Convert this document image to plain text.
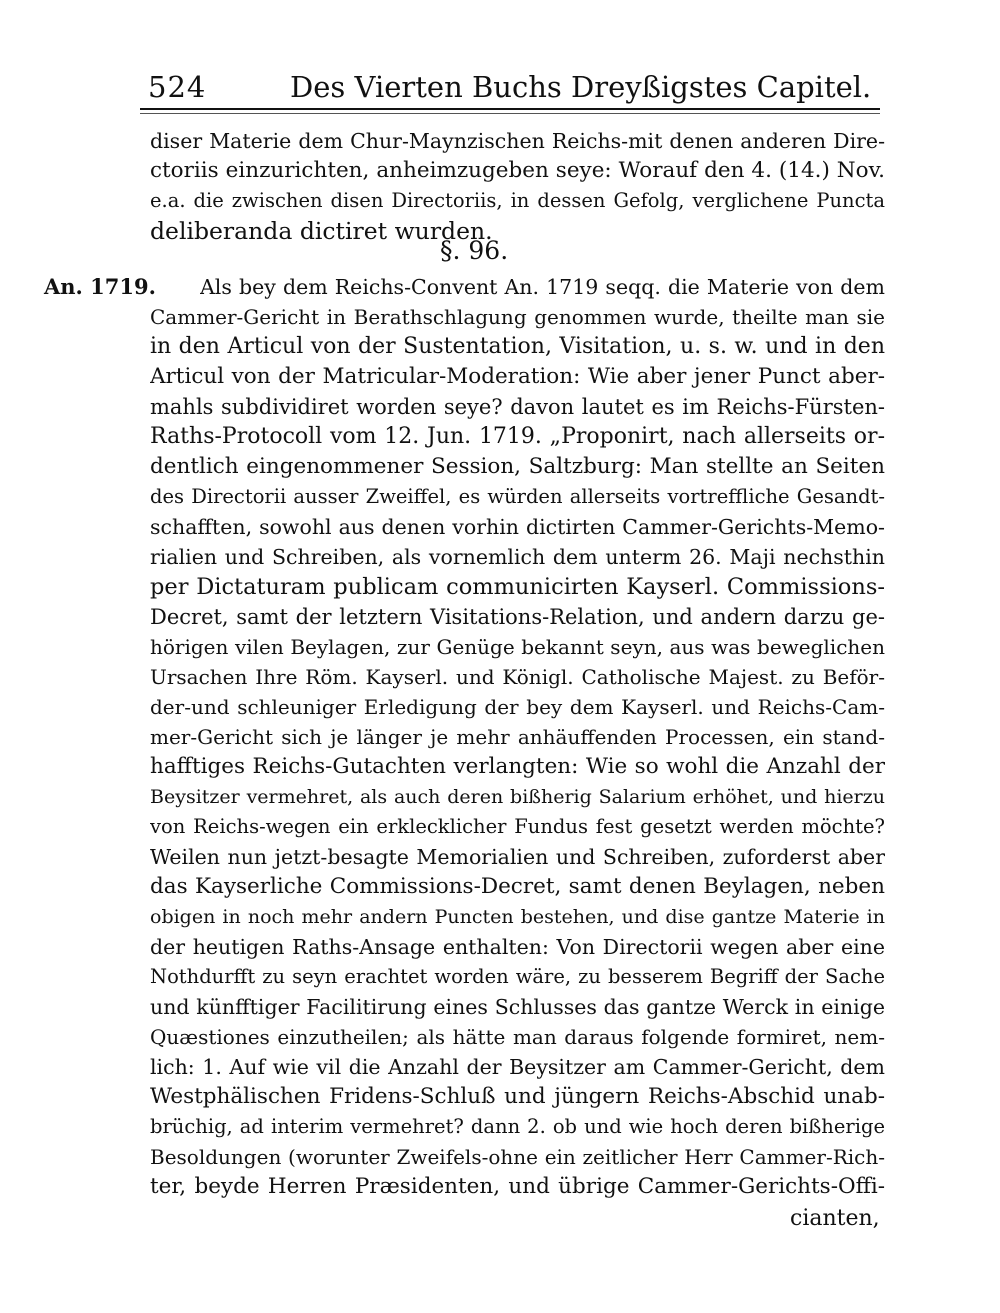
524	Des Vierten Buchs Dreyßigstes Capitel.
diser Materie dem Chur-Maynzischen Reichs-mit denen anderen Dire-
ctoriis einzurichten, anheimzugeben seye: Worauf den 4. (14.) Nov.
e.a. die zwischen disen Directoriis, in dessen Gefolg, verglichene Puncta
deliberanda dictiret wurden.
§. 96.
An. 1719. Als bey dem Reichs-Convent An. 1719 seqq. die Materie von dem
Cammer-Gericht in Berathschlagung genommen wurde, theilte man sie
in den Articul von der Sustentation, Visitation, u. s. w. und in den
Articul von der Matricular-Moderation: Wie aber jener Punct aber-
mahls subdividiret worden seye? davon lautet es im Reichs-Fürsten-
Raths-Protocoll vom 12. Jun. 1719. „Proponirt, nach allerseits or-
dentlich eingenommener Session, Saltzburg: Man stellte an Seiten
des Directorii ausser Zweiffel, es würden allerseits vortreffliche Gesandt-
schafften, sowohl aus denen vorhin dictirten Cammer-Gerichts-Memo-
rialien und Schreiben, als vornemlich dem unterm 26. Maji nechsthin
per Dictaturam publicam communicirten Kayserl. Commissions-
Decret, samt der letztern Visitations-Relation, und andern darzu ge-
hörigen vilen Beylagen, zur Genüge bekannt seyn, aus was beweglichen
Ursachen Ihre Röm. Kayserl. und Königl. Catholische Majest. zu Beför-
der-und schleuniger Erledigung der bey dem Kayserl. und Reichs-Cam-
mer-Gericht sich je länger je mehr anhäuffenden Processen, ein stand-
hafftiges Reichs-Gutachten verlangten: Wie so wohl die Anzahl der
Beysitzer vermehret, als auch deren bißherig Salarium erhöhet, und hierzu
von Reichs-wegen ein erklecklicher Fundus fest gesetzt werden möchte?
Weilen nun jetzt-besagte Memorialien und Schreiben, zuforderst aber
das Kayserliche Commissions-Decret, samt denen Beylagen, neben
obigen in noch mehr andern Puncten bestehen, und dise gantze Materie in
der heutigen Raths-Ansage enthalten: Von Directorii wegen aber eine
Nothdurfft zu seyn erachtet worden wäre, zu besserem Begriff der Sache
und künfftiger Facilitirung eines Schlusses das gantze Werck in einige
Quæstiones einzutheilen; als hätte man daraus folgende formiret, nem-
lich: 1. Auf wie vil die Anzahl der Beysitzer am Cammer-Gericht, dem
Westphälischen Fridens-Schluß und jüngern Reichs-Abschid unab-
brüchig, ad interim vermehret? dann 2. ob und wie hoch deren bißherige
Besoldungen (worunter Zweifels-ohne ein zeitlicher Herr Cammer-Rich-
ter, beyde Herren Præsidenten, und übrige Cammer-Gerichts-Offi-
cianten,
